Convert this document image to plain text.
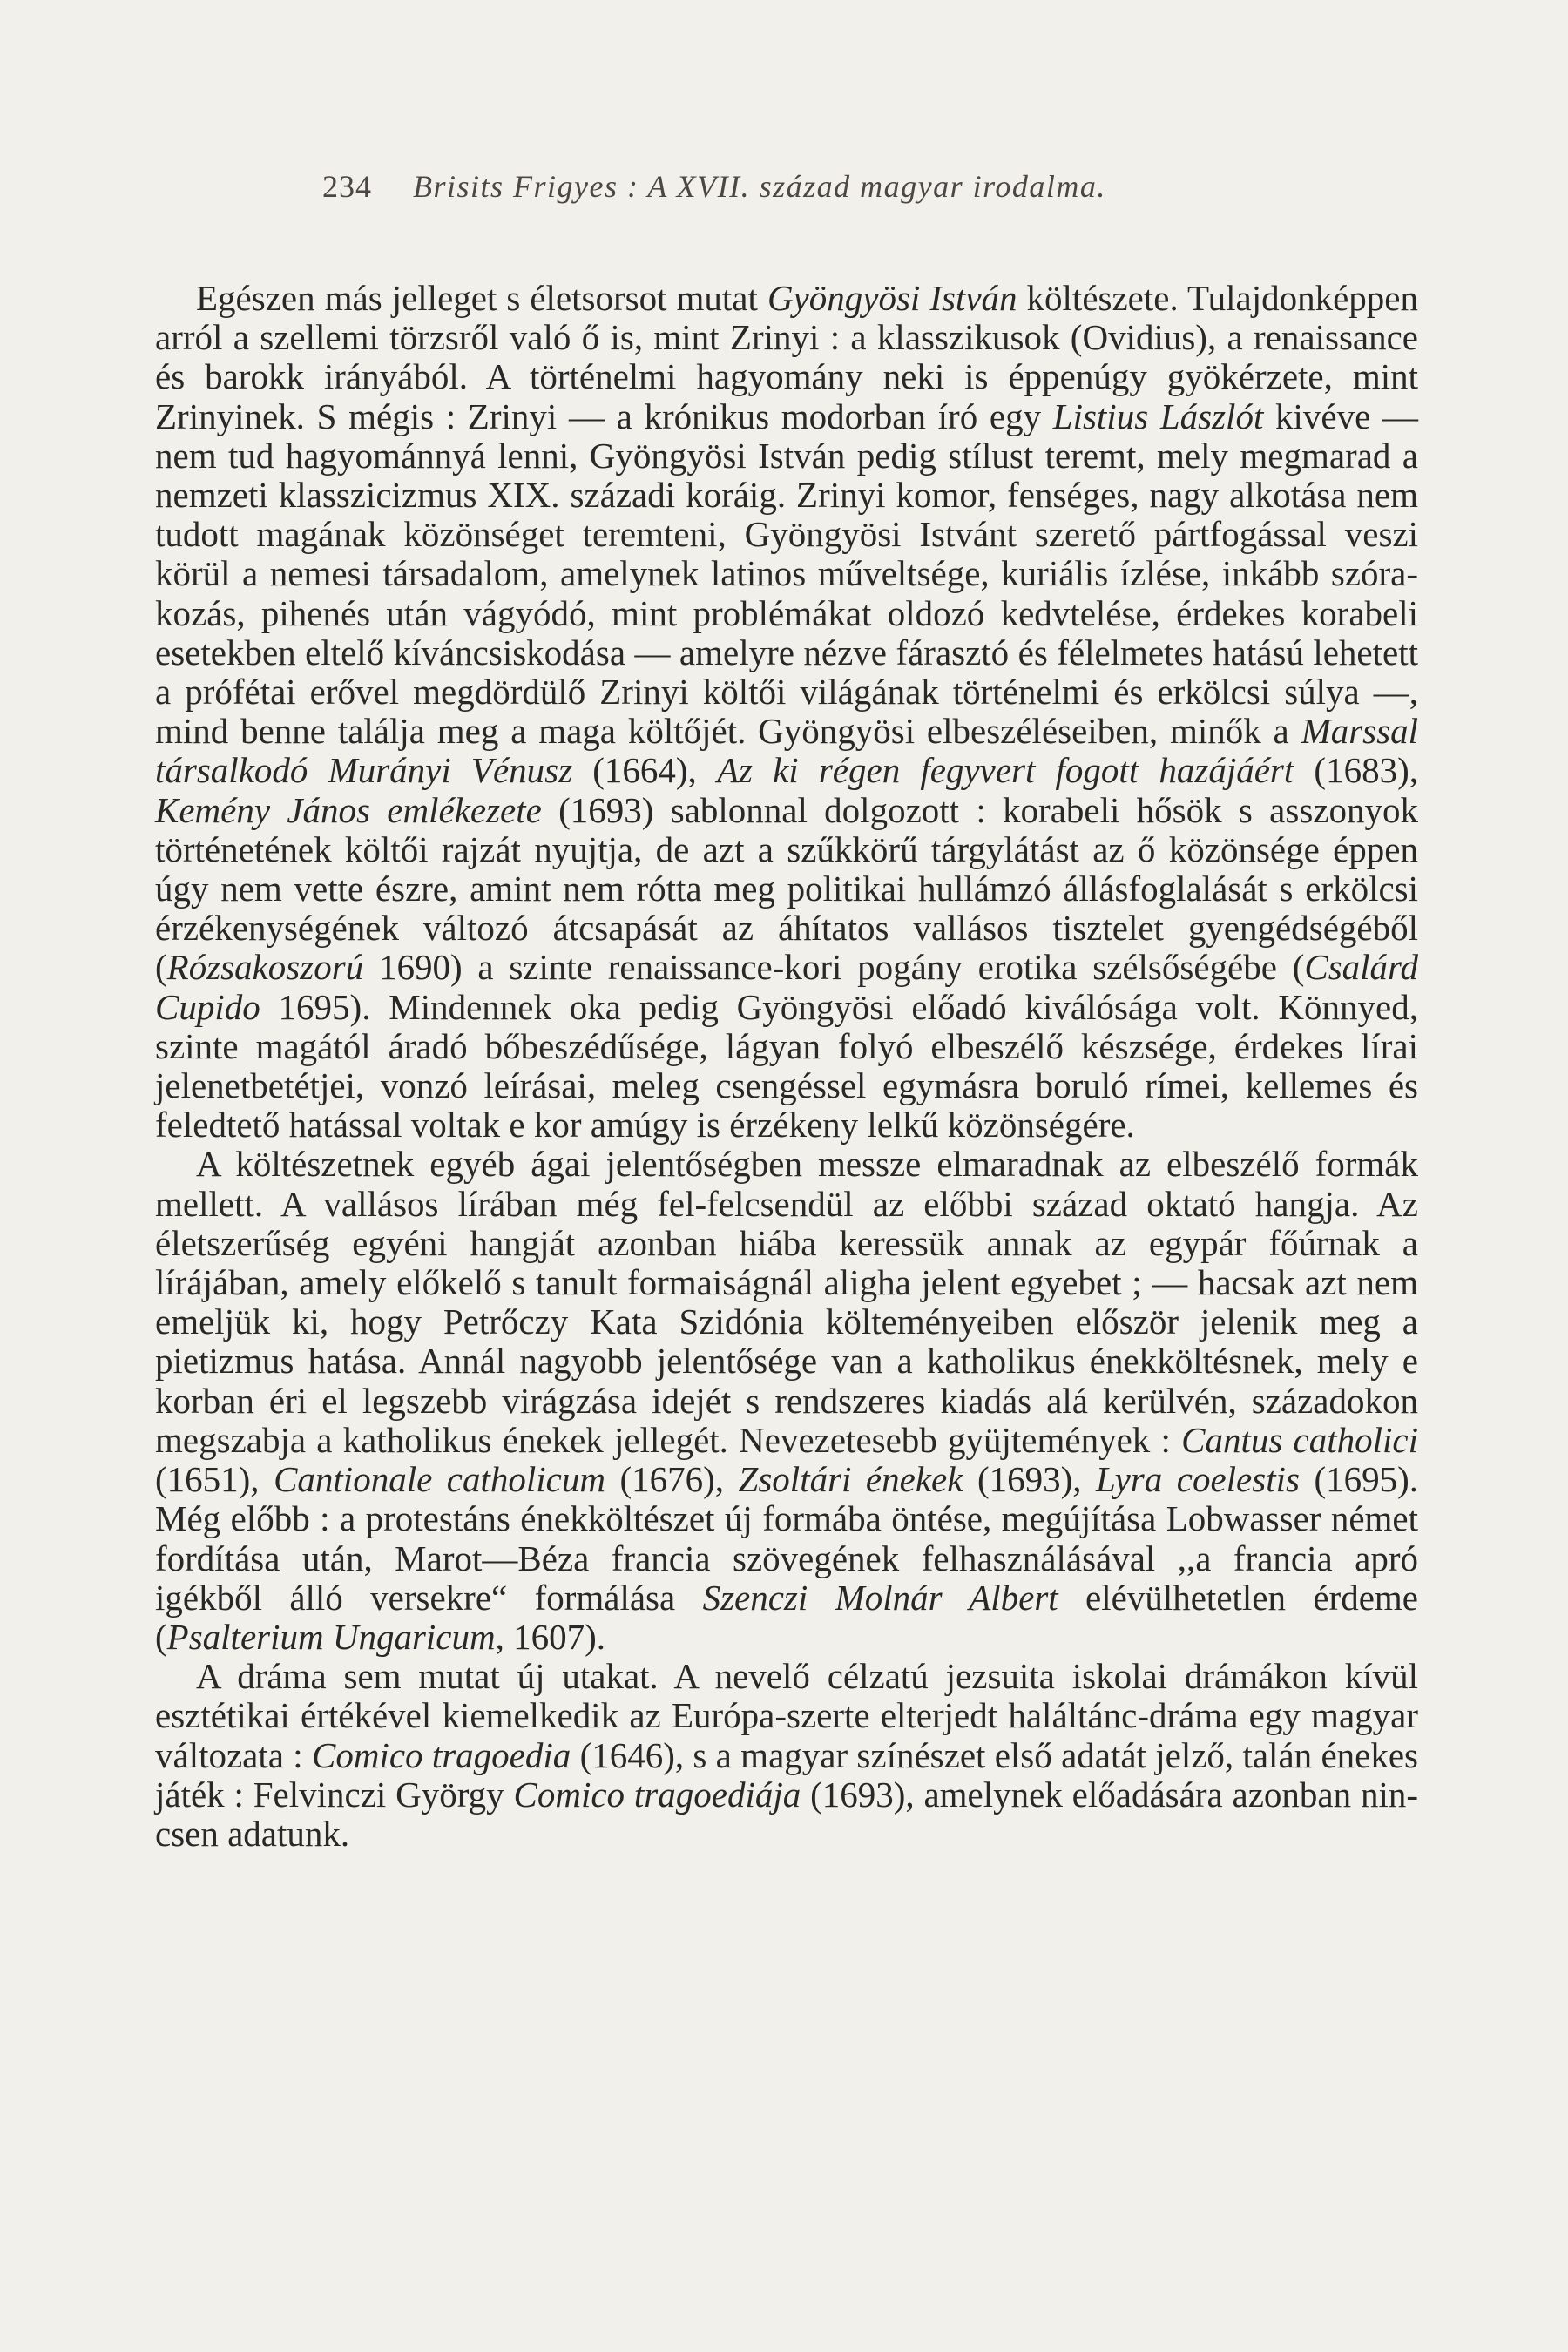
234 Brisits Frigyes : A XVII. század magyar irodalma.

Egészen más jelleget s életsorsot mutat Gyöngyösi István költészete. Tulajdonképpen arról a szellemi törzsről való ő is, mint Zrinyi : a klasszikusok (Ovidius), a renaissance és barokk irányából. A történelmi hagyomány neki is éppenúgy gyökérzete, mint Zrinyinek. S mégis : Zrinyi — a krónikus modorban író egy Listius Lászlót kivéve — nem tud hagyománnyá lenni, Gyöngyösi István pedig stílust teremt, mely megmarad a nemzeti klasszicizmus XIX. századi koráig. Zrinyi komor, fenséges, nagy alkotása nem tudott magának közönséget teremteni, Gyöngyösi Istvánt szerető pártfogással veszi körül a nemesi társadalom, amelynek latinos műveltsége, kuriális ízlése, inkább szórakozás, pihenés után vágyódó, mint problémákat oldozó kedvtelése, érdekes korabeli esetekben eltelő kíváncsiskodása — amelyre nézve fárasztó és félelmetes hatású lehetett a prófétai erővel megdördülő Zrinyi költői világának történelmi és erkölcsi súlya —, mind benne találja meg a maga költőjét. Gyöngyösi elbeszéléseiben, minők a Marssal társalkodó Murányi Vénusz (1664), Az ki régen fegyvert fogott hazájáért (1683), Kemény János emlékezete (1693) sablonnal dolgozott : korabeli hősök s asszonyok történetének költői rajzát nyujtja, de azt a szűkkörű tárgylátást az ő közönsége éppen úgy nem vette észre, amint nem rótta meg politikai hullámzó állásfoglalását s erkölcsi érzékenységének változó átcsapását az áhítatos vallásos tisztelet gyengédségéből (Rózsakoszorú 1690) a szinte renaissance-kori pogány erotika szélsőségébe (Csalárd Cupido 1695). Mindennek oka pedig Gyöngyösi előadó kiválósága volt. Könnyed, szinte magától áradó bőbeszédűsége, lágyan folyó elbeszélő készsége, érdekes lírai jelenetbetétjei, vonzó leírásai, meleg csengéssel egymásra boruló rímei, kellemes és feledtető hatással voltak e kor amúgy is érzékeny lelkű közönségére.

A költészetnek egyéb ágai jelentőségben messze elmaradnak az elbeszélő formák mellett. A vallásos lírában még fel-felcsendül az előbbi század oktató hangja. Az életszerűség egyéni hangját azonban hiába keressük annak az egypár főúrnak a lírájában, amely előkelő s tanult formaiságnál aligha jelent egyebet ; — hacsak azt nem emeljük ki, hogy Petrőczy Kata Szidónia költeményeiben először jelenik meg a pietizmus hatása. Annál nagyobb jelentősége van a katholikus énekköltésnek, mely e korban éri el legszebb virágzása idejét s rendszeres kiadás alá kerülvén, századokon megszabja a katholikus énekek jellegét. Nevezetesebb gyüjtemények : Cantus catholici (1651), Cantionale catholicum (1676), Zsoltári énekek (1693), Lyra coelestis (1695). Még előbb : a protestáns énekköltészet új formába öntése, megújítása Lobwasser német fordítása után, Marot—Béza francia szövegének felhasználásával ,,a francia apró igékből álló versekre“ formálása Szenczi Molnár Albert elévülhetetlen érdeme (Psalterium Ungaricum, 1607).

A dráma sem mutat új utakat. A nevelő célzatú jezsuita iskolai drámákon kívül esztétikai értékével kiemelkedik az Európa-szerte elterjedt haláltánc-dráma egy magyar változata : Comico tragoedia (1646), s a magyar színészet első adatát jelző, talán énekes játék : Felvinczi György Comico tragoediája (1693), amelynek előadására azonban nincsen adatunk.
